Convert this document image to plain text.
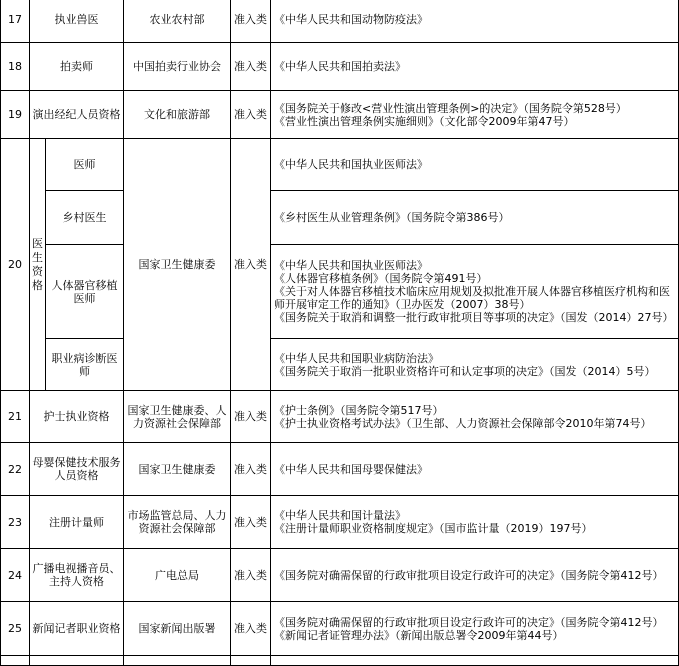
17	执业兽医		农业农村部	准入类	《中华人民共和国动物防疫法》

18	拍卖师		中国拍卖行业协会	准入类	《中华人民共和国拍卖法》

19	演出经纪人员资格		文化和旅游部	准入类	《国务院关于修改<营业性演出管理条例>的决定》（国务院令第528号）
《营业性演出管理条例实施细则》（文化部令2009年第47号）

20	医生资格	医师	国家卫生健康委	准入类	《中华人民共和国执业医师法》

		乡村医生			《乡村医生从业管理条例》（国务院令第386号）

		人体器官移植医师			《中华人民共和国执业医师法》
《人体器官移植条例》（国务院令第491号）
《关于对人体器官移植技术临床应用规划及拟批准开展人体器官移植医疗机构和医师开展审定工作的通知》（卫办医发（2007）38号）
《国务院关于取消和调整一批行政审批项目等事项的决定》（国发（2014）27号）

		职业病诊断医师			《中华人民共和国职业病防治法》
《国务院关于取消一批职业资格许可和认定事项的决定》（国发（2014）5号）

21	护士执业资格		国家卫生健康委、人力资源社会保障部	准入类	《护士条例》（国务院令第517号）
《护士执业资格考试办法》（卫生部、人力资源社会保障部令2010年第74号）

22	母婴保健技术服务人员资格		国家卫生健康委	准入类	《中华人民共和国母婴保健法》

23	注册计量师		市场监管总局、人力资源社会保障部	准入类	《中华人民共和国计量法》
《注册计量师职业资格制度规定》（国市监计量（2019）197号）

24	广播电视播音员、主持人资格		广电总局	准入类	《国务院对确需保留的行政审批项目设定行政许可的决定》（国务院令第412号）

25	新闻记者职业资格		国家新闻出版署	准入类	《国务院对确需保留的行政审批项目设定行政许可的决定》（国务院令第412号）
《新闻记者证管理办法》（新闻出版总署令2009年第44号）
